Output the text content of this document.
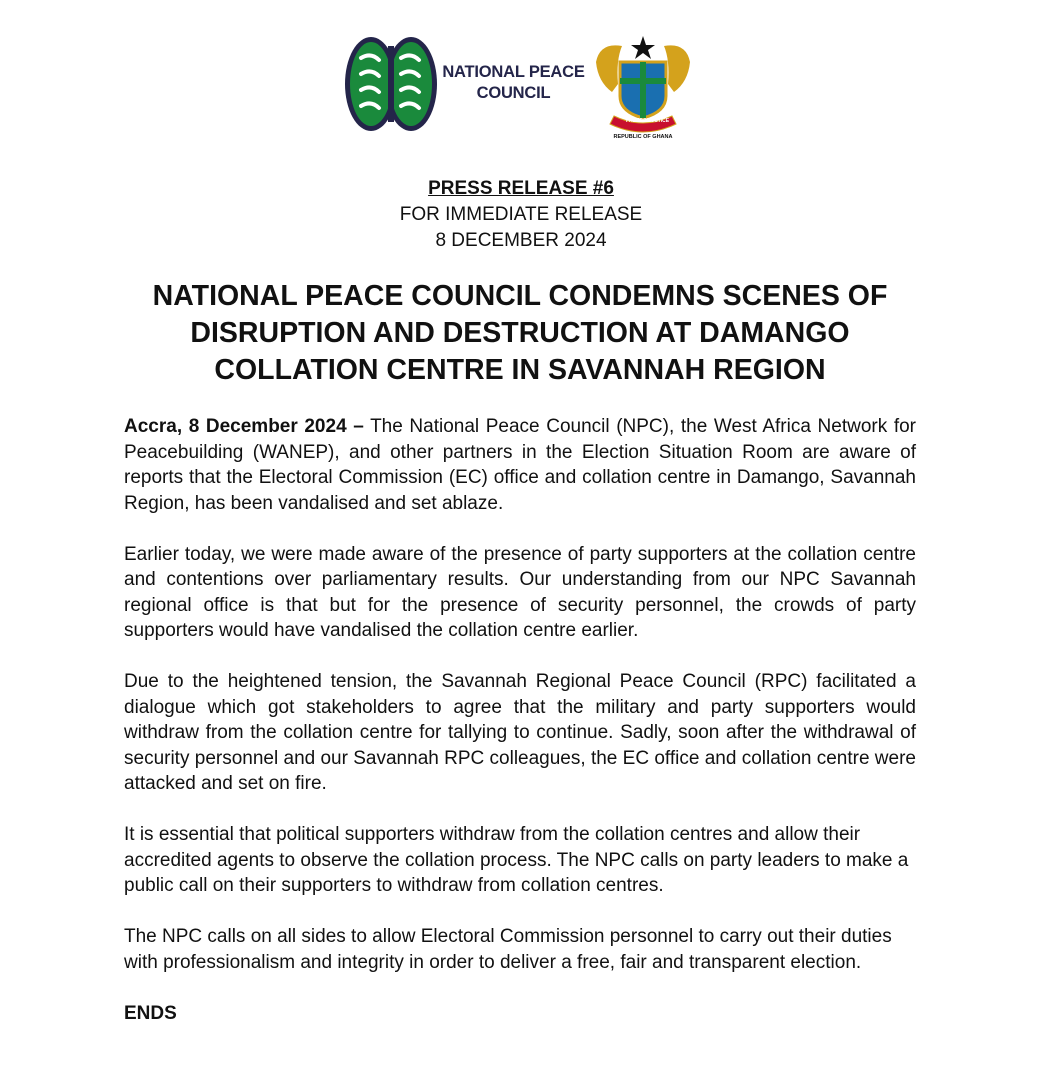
NATIONAL PEACE
COUNCIL
FREEDOM
JUSTICE
REPUBLIC OF GHANA
PRESS RELEASE #6
FOR IMMEDIATE RELEASE
8 DECEMBER 2024
NATIONAL PEACE COUNCIL CONDEMNS SCENES OF
DISRUPTION AND DESTRUCTION AT DAMANGO
COLLATION CENTRE IN SAVANNAH REGION

Accra, 8 December 2024 – The National Peace Council (NPC), the West Africa Network for Peacebuilding (WANEP), and other partners in the Election Situation Room are aware of reports that the Electoral Commission (EC) office and collation centre in Damango, Savannah Region, has been vandalised and set ablaze.

Earlier today, we were made aware of the presence of party supporters at the collation centre and contentions over parliamentary results. Our understanding from our NPC Savannah regional office is that but for the presence of security personnel, the crowds of party supporters would have vandalised the collation centre earlier.

Due to the heightened tension, the Savannah Regional Peace Council (RPC) facilitated a dialogue which got stakeholders to agree that the military and party supporters would withdraw from the collation centre for tallying to continue. Sadly, soon after the withdrawal of security personnel and our Savannah RPC colleagues, the EC office and collation centre were attacked and set on fire.

It is essential that political supporters withdraw from the collation centres and allow their accredited agents to observe the collation process. The NPC calls on party leaders to make a public call on their supporters to withdraw from collation centres.

The NPC calls on all sides to allow Electoral Commission personnel to carry out their duties with professionalism and integrity in order to deliver a free, fair and transparent election.

ENDS
